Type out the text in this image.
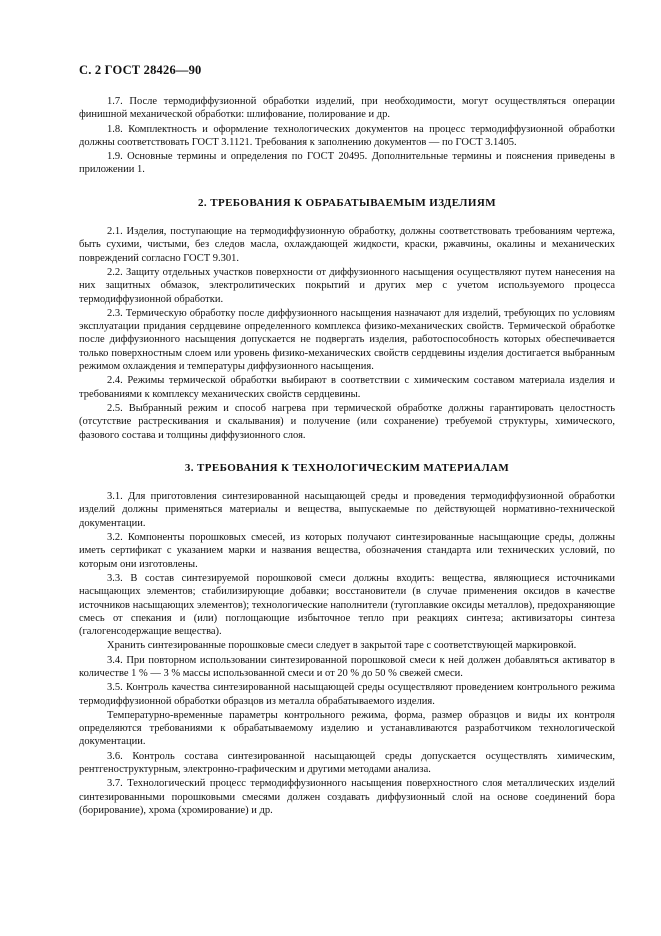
С. 2 ГОСТ 28426—90

1.7. После термодиффузионной обработки изделий, при необходимости, могут осуществляться операции финишной механической обработки: шлифование, полирование и др.

1.8. Комплектность и оформление технологических документов на процесс термодиффузионной обработки должны соответствовать ГОСТ 3.1121. Требования к заполнению документов — по ГОСТ 3.1405.

1.9. Основные термины и определения по ГОСТ 20495. Дополнительные термины и пояснения приведены в приложении 1.

2. ТРЕБОВАНИЯ К ОБРАБАТЫВАЕМЫМ ИЗДЕЛИЯМ

2.1. Изделия, поступающие на термодиффузионную обработку, должны соответствовать требованиям чертежа, быть сухими, чистыми, без следов масла, охлаждающей жидкости, краски, ржавчины, окалины и механических повреждений согласно ГОСТ 9.301.

2.2. Защиту отдельных участков поверхности от диффузионного насыщения осуществляют путем нанесения на них защитных обмазок, электролитических покрытий и других мер с учетом используемого процесса термодиффузионной обработки.

2.3. Термическую обработку после диффузионного насыщения назначают для изделий, требующих по условиям эксплуатации придания сердцевине определенного комплекса физико-механических свойств. Термической обработке после диффузионного насыщения допускается не подвергать изделия, работоспособность которых обеспечивается только поверхностным слоем или уровень физико-механических свойств сердцевины изделия достигается выбранным режимом охлаждения и температуры диффузионного насыщения.

2.4. Режимы термической обработки выбирают в соответствии с химическим составом материала изделия и требованиями к комплексу механических свойств сердцевины.

2.5. Выбранный режим и способ нагрева при термической обработке должны гарантировать целостность (отсутствие растрескивания и скалывания) и получение (или сохранение) требуемой структуры, химического, фазового состава и толщины диффузионного слоя.

3. ТРЕБОВАНИЯ К ТЕХНОЛОГИЧЕСКИМ МАТЕРИАЛАМ

3.1. Для приготовления синтезированной насыщающей среды и проведения термодиффузионной обработки изделий должны применяться материалы и вещества, выпускаемые по действующей нормативно-технической документации.

3.2. Компоненты порошковых смесей, из которых получают синтезированные насыщающие среды, должны иметь сертификат с указанием марки и названия вещества, обозначения стандарта или технических условий, по которым они изготовлены.

3.3. В состав синтезируемой порошковой смеси должны входить: вещества, являющиеся источниками насыщающих элементов; стабилизирующие добавки; восстановители (в случае применения оксидов в качестве источников насыщающих элементов); технологические наполнители (тугоплавкие оксиды металлов), предохраняющие смесь от спекания и (или) поглощающие избыточное тепло при реакциях синтеза; активизаторы синтеза (галогенсодержащие вещества).

Хранить синтезированные порошковые смеси следует в закрытой таре с соответствующей маркировкой.

3.4. При повторном использовании синтезированной порошковой смеси к ней должен добавляться активатор в количестве 1 % — 3 % массы использованной смеси и от 20 % до 50 % свежей смеси.

3.5. Контроль качества синтезированной насыщающей среды осуществляют проведением контрольного режима термодиффузионной обработки образцов из металла обрабатываемого изделия.

Температурно-временные параметры контрольного режима, форма, размер образцов и виды их контроля определяются требованиями к обрабатываемому изделию и устанавливаются разработчиком технологической документации.

3.6. Контроль состава синтезированной насыщающей среды допускается осуществлять химическим, рентгеноструктурным, электронно-графическим и другими методами анализа.

3.7. Технологический процесс термодиффузионного насыщения поверхностного слоя металлических изделий синтезированными порошковыми смесями должен создавать диффузионный слой на основе соединений бора (борирование), хрома (хромирование) и др.
